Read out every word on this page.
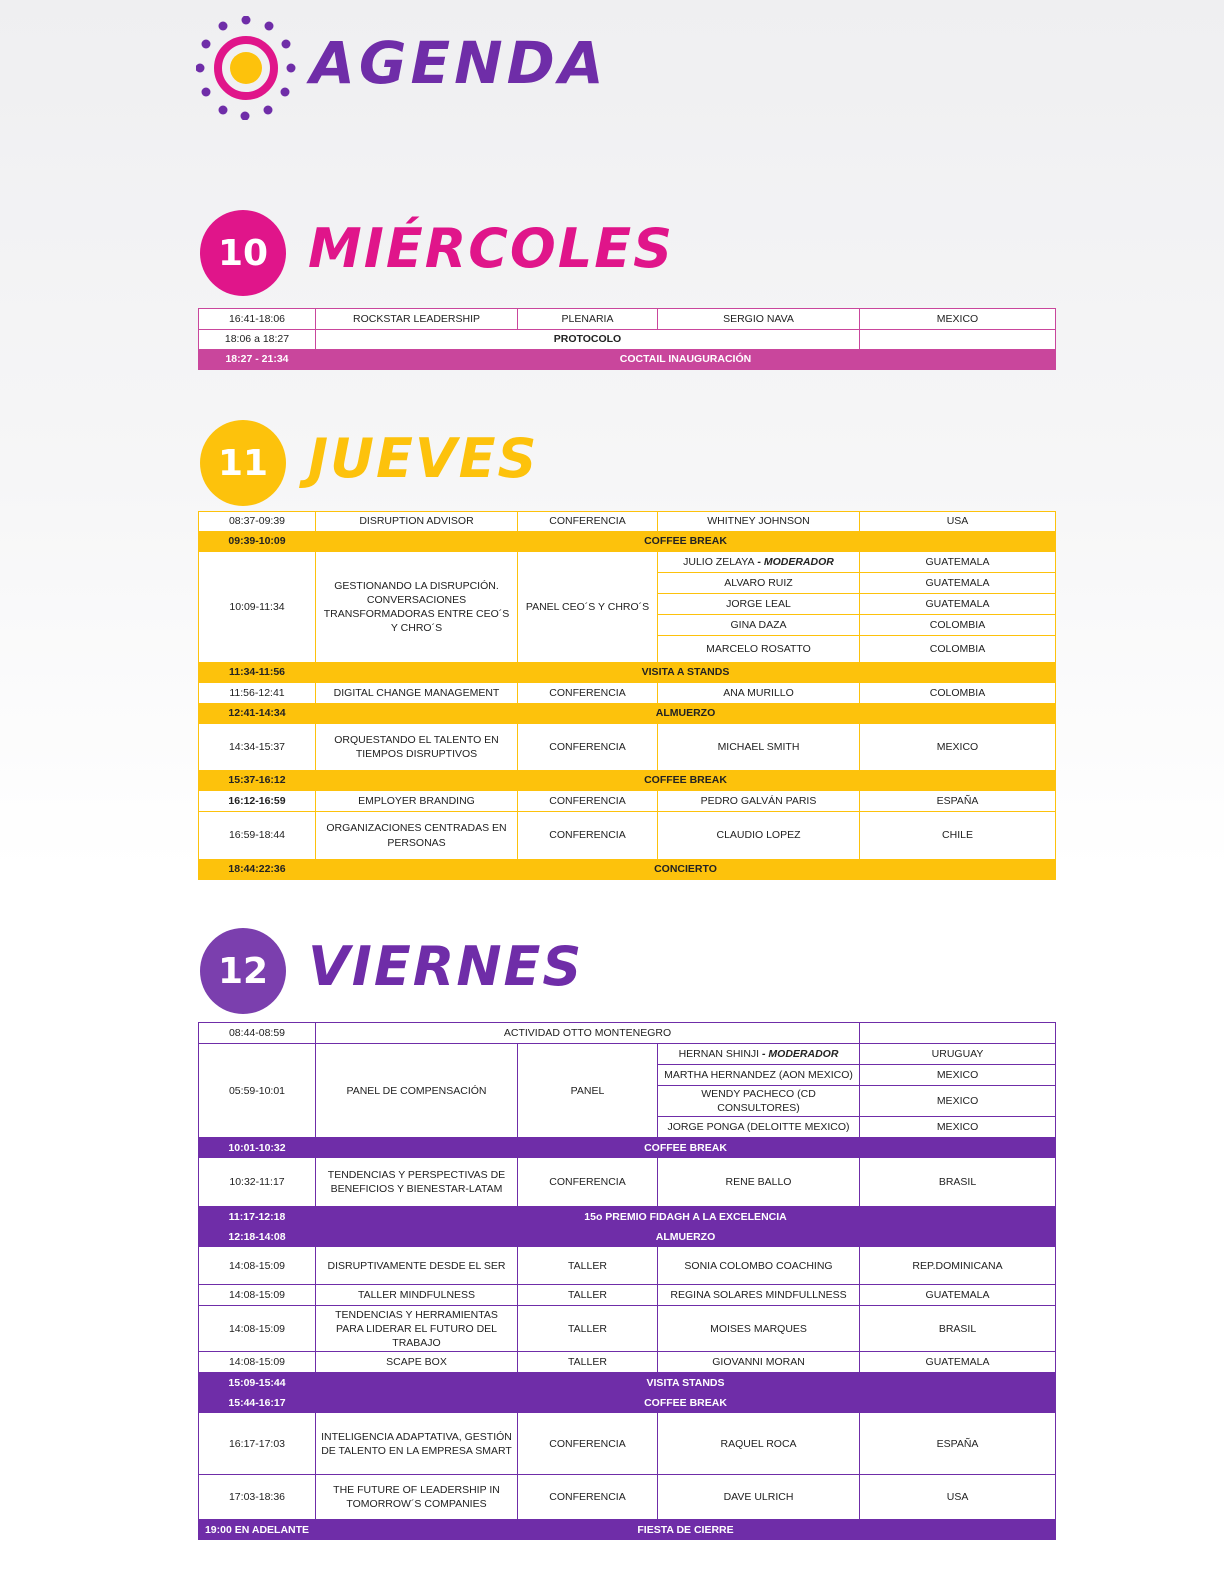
AGENDA
10 MIÉRCOLES
16:41-18:06	ROCKSTAR LEADERSHIP	PLENARIA	SERGIO NAVA	MEXICO
18:06 a 18:27	PROTOCOLO			
18:27 - 21:34	COCTAIL INAUGURACIÓN			
11 JUEVES
08:37-09:39	DISRUPTION ADVISOR	CONFERENCIA	WHITNEY JOHNSON	USA
09:39-10:09	COFFEE BREAK			
10:09-11:34	GESTIONANDO LA DISRUPCIÓN. CONVERSACIONES TRANSFORMADORAS ENTRE CEO´S Y CHRO´S	PANEL CEO´S Y CHRO´S	JULIO ZELAYA - MODERADOR	GUATEMALA
			ALVARO RUIZ	GUATEMALA
			JORGE LEAL	GUATEMALA
			GINA DAZA	COLOMBIA
			MARCELO ROSATTO	COLOMBIA
11:34-11:56	VISITA A STANDS			
11:56-12:41	DIGITAL CHANGE MANAGEMENT	CONFERENCIA	ANA MURILLO	COLOMBIA
12:41-14:34	ALMUERZO			
14:34-15:37	ORQUESTANDO EL TALENTO EN TIEMPOS DISRUPTIVOS	CONFERENCIA	MICHAEL SMITH	MEXICO
15:37-16:12	COFFEE BREAK			
16:12-16:59	EMPLOYER BRANDING	CONFERENCIA	PEDRO GALVÁN PARIS	ESPAÑA
16:59-18:44	ORGANIZACIONES CENTRADAS EN PERSONAS	CONFERENCIA	CLAUDIO LOPEZ	CHILE
18:44:22:36	CONCIERTO			
12 VIERNES
08:44-08:59	ACTIVIDAD OTTO MONTENEGRO			
05:59-10:01	PANEL DE COMPENSACIÓN	PANEL	HERNAN SHINJI - MODERADOR	URUGUAY
			MARTHA HERNANDEZ (AON MEXICO)	MEXICO
			WENDY PACHECO (CD CONSULTORES)	MEXICO
			JORGE PONGA (DELOITTE MEXICO)	MEXICO
10:01-10:32	COFFEE BREAK			
10:32-11:17	TENDENCIAS Y PERSPECTIVAS DE BENEFICIOS Y BIENESTAR-LATAM	CONFERENCIA	RENE BALLO	BRASIL
11:17-12:18	15o PREMIO FIDAGH A LA EXCELENCIA			
12:18-14:08	ALMUERZO			
14:08-15:09	DISRUPTIVAMENTE DESDE EL SER	TALLER	SONIA COLOMBO COACHING	REP.DOMINICANA
14:08-15:09	TALLER MINDFULNESS	TALLER	REGINA SOLARES MINDFULLNESS	GUATEMALA
14:08-15:09	TENDENCIAS Y HERRAMIENTAS PARA LIDERAR EL FUTURO DEL TRABAJO	TALLER	MOISES MARQUES	BRASIL
14:08-15:09	SCAPE BOX	TALLER	GIOVANNI MORAN	GUATEMALA
15:09-15:44	VISITA STANDS			
15:44-16:17	COFFEE BREAK			
16:17-17:03	INTELIGENCIA ADAPTATIVA, GESTIÓN DE TALENTO EN LA EMPRESA SMART	CONFERENCIA	RAQUEL ROCA	ESPAÑA
17:03-18:36	THE FUTURE OF LEADERSHIP IN TOMORROW´S COMPANIES	CONFERENCIA	DAVE ULRICH	USA
19:00 EN ADELANTE	FIESTA DE CIERRE			
